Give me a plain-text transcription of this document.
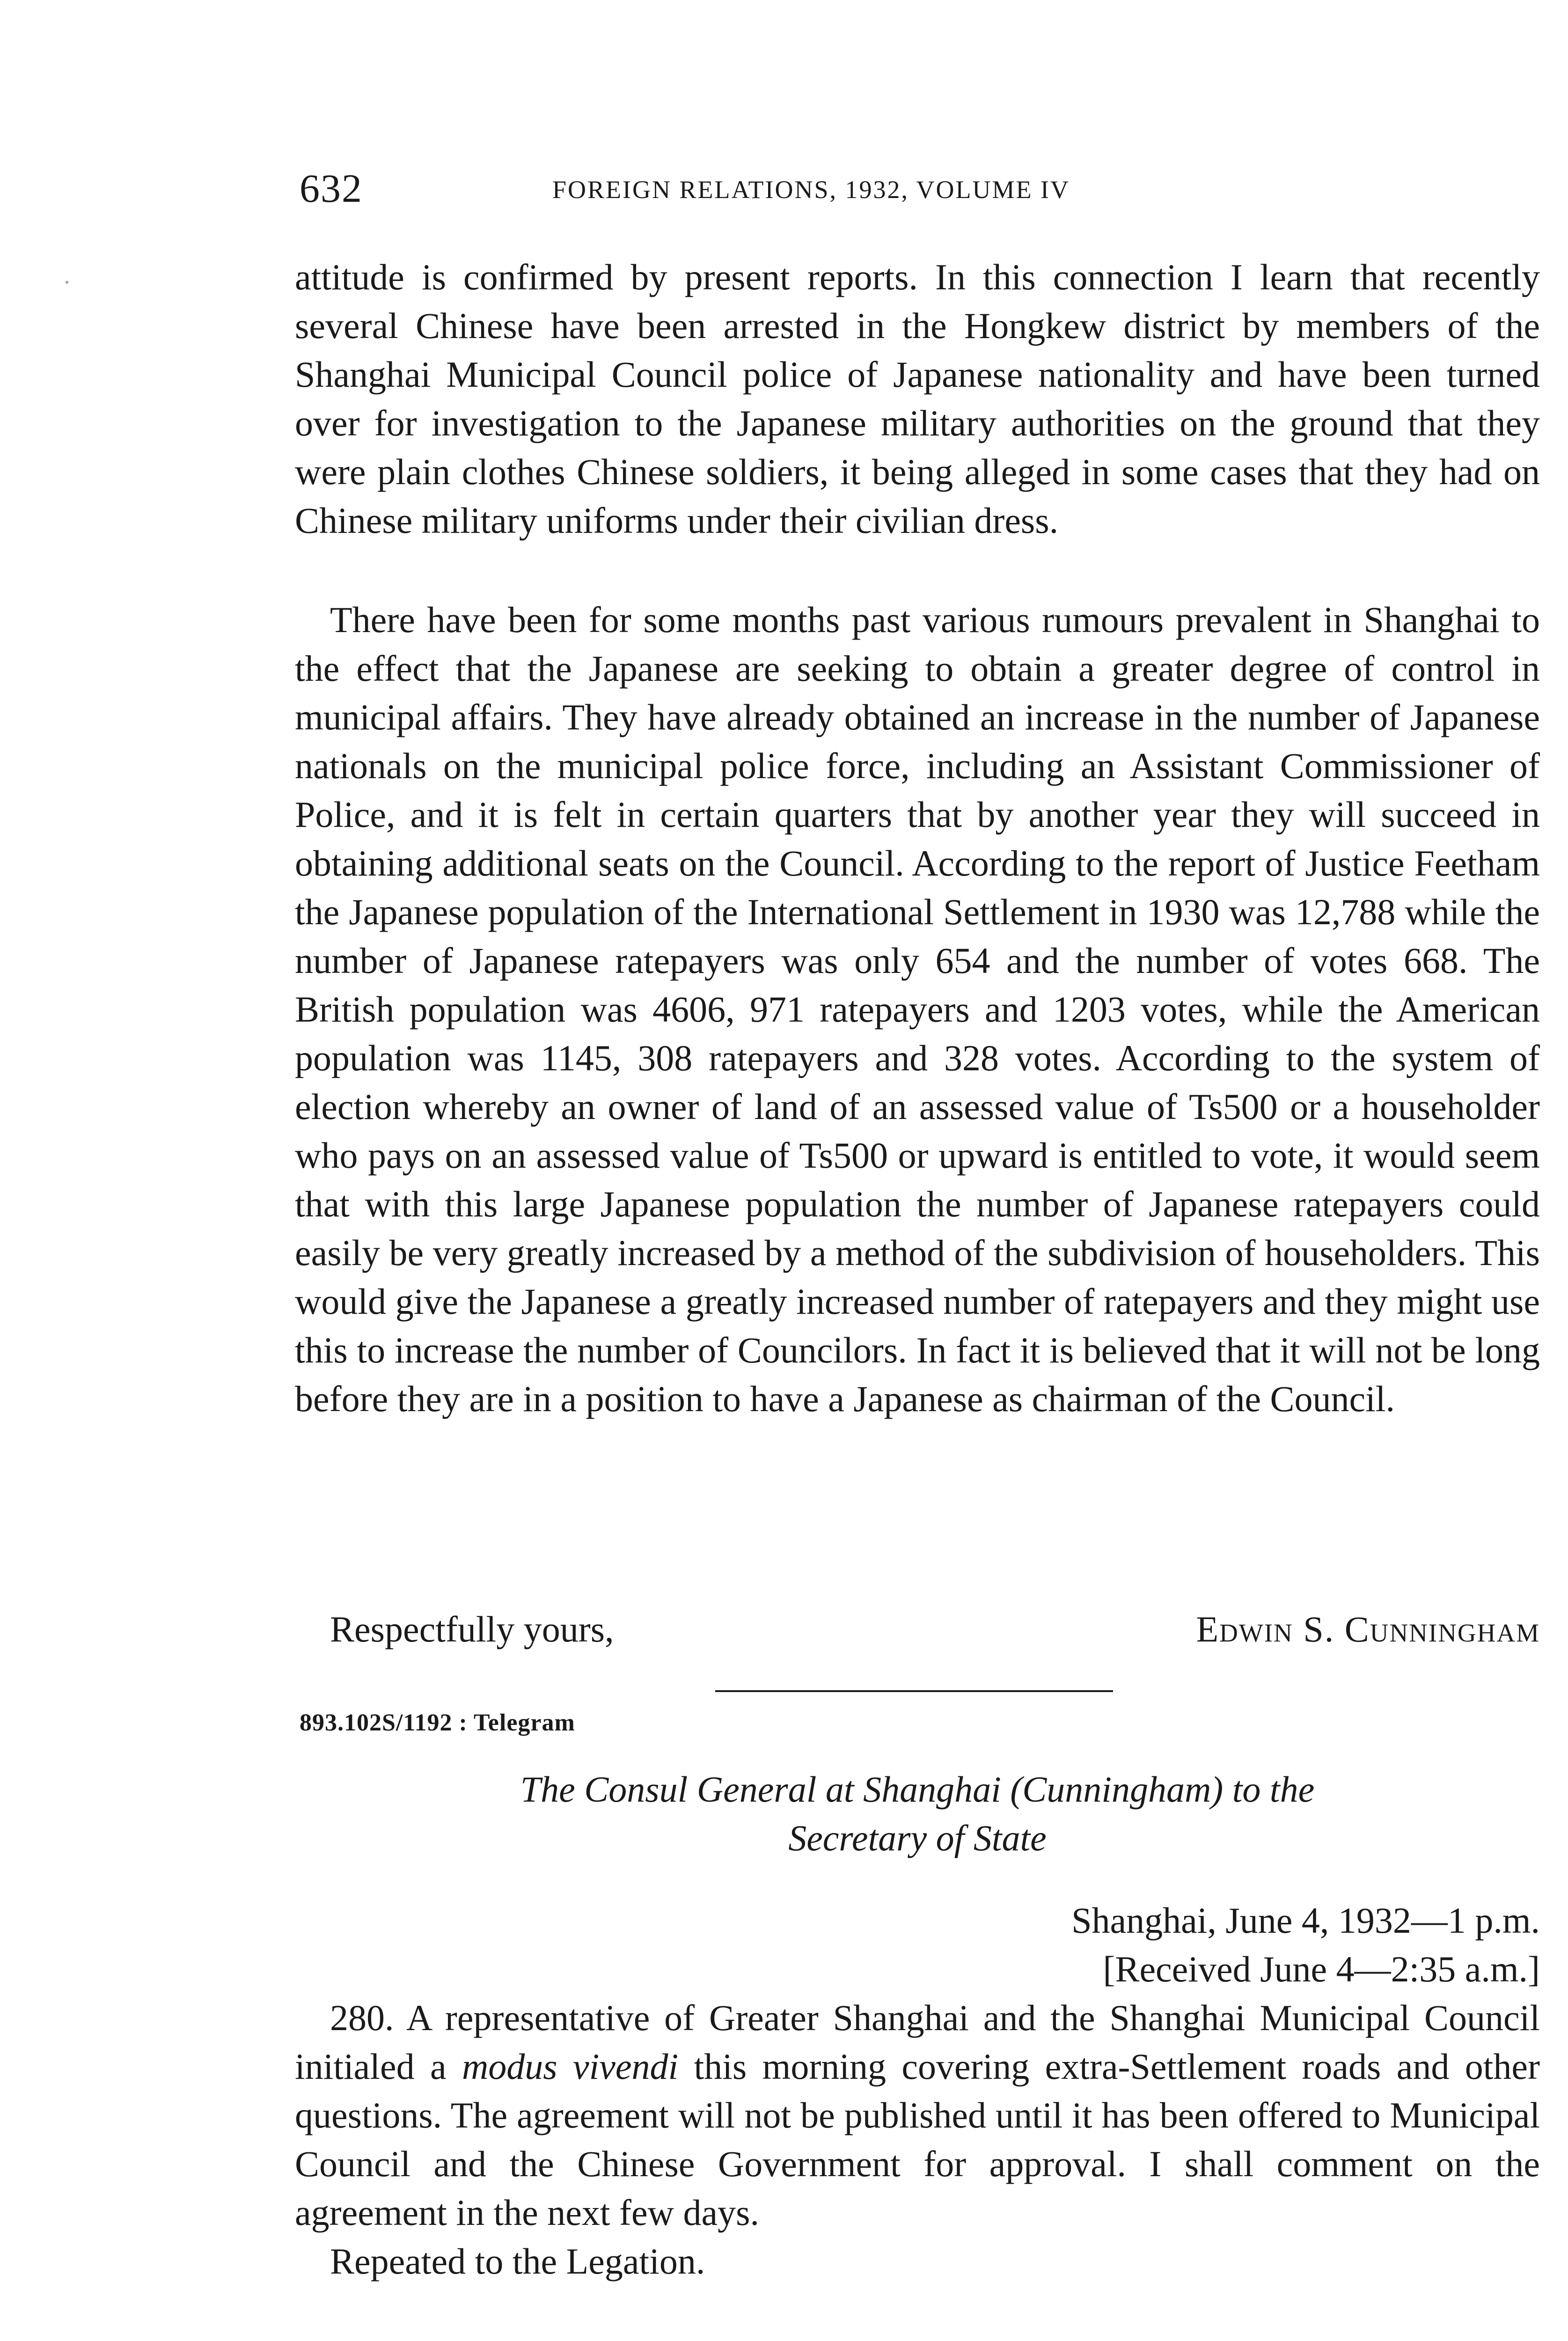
632	FOREIGN RELATIONS, 1932, VOLUME IV

attitude is confirmed by present reports. In this connection I learn that recently several Chinese have been arrested in the Hongkew district by members of the Shanghai Municipal Council police of Japanese nationality and have been turned over for investigation to the Japanese military authorities on the ground that they were plain clothes Chinese soldiers, it being alleged in some cases that they had on Chinese military uniforms under their civilian dress.

There have been for some months past various rumours prevalent in Shanghai to the effect that the Japanese are seeking to obtain a greater degree of control in municipal affairs. They have already obtained an increase in the number of Japanese nationals on the municipal police force, including an Assistant Commissioner of Police, and it is felt in certain quarters that by another year they will succeed in obtaining additional seats on the Council. According to the report of Justice Feetham the Japanese population of the International Settlement in 1930 was 12,788 while the number of Japanese ratepayers was only 654 and the number of votes 668. The British population was 4606, 971 ratepayers and 1203 votes, while the American population was 1145, 308 ratepayers and 328 votes. According to the system of election whereby an owner of land of an assessed value of Ts500 or a householder who pays on an assessed value of Ts500 or upward is entitled to vote, it would seem that with this large Japanese population the number of Japanese ratepayers could easily be very greatly increased by a method of the subdivision of householders. This would give the Japanese a greatly increased number of ratepayers and they might use this to increase the number of Councilors. In fact it is believed that it will not be long before they are in a position to have a Japanese as chairman of the Council.

Respectfully yours,	Edwin S. Cunningham
893.102S/1192 : Telegram
The Consul General at Shanghai (Cunningham) to the
Secretary of State
Shanghai, June 4, 1932—1 p.m.
[Received June 4—2:35 a.m.]

280. A representative of Greater Shanghai and the Shanghai Municipal Council initialed a modus vivendi this morning covering extra-Settlement roads and other questions. The agreement will not be published until it has been offered to Municipal Council and the Chinese Government for approval. I shall comment on the agreement in the next few days.

Repeated to the Legation.
